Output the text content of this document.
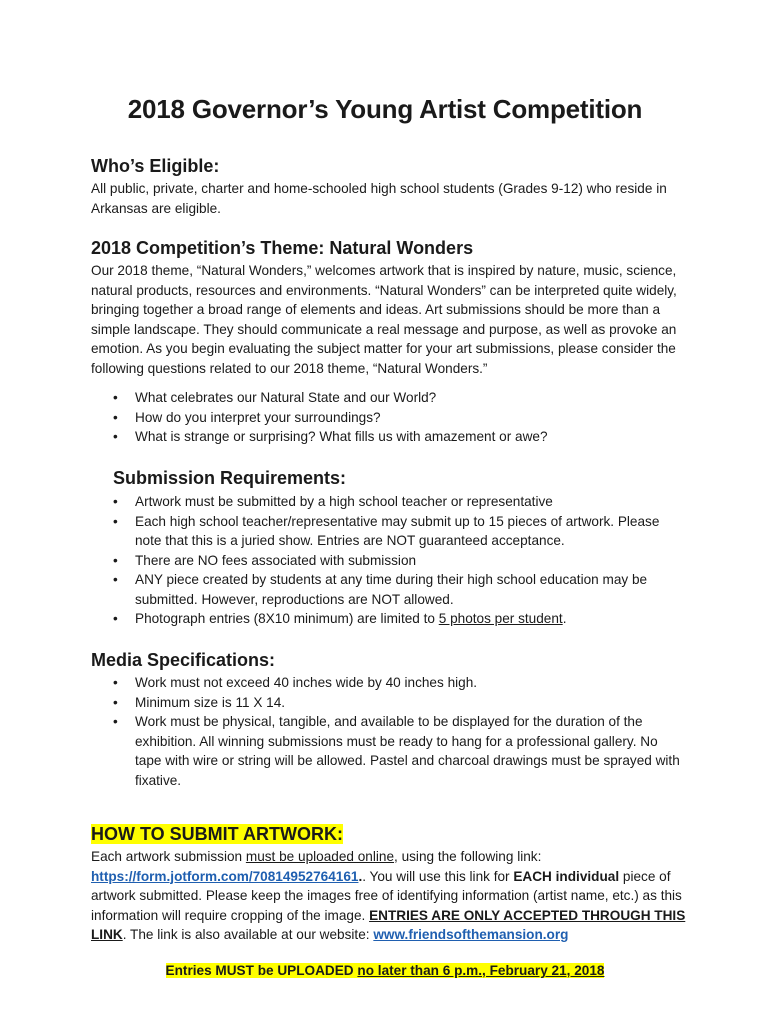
2018 Governor’s Young Artist Competition
Who’s Eligible:

All public, private, charter and home-schooled high school students (Grades 9-12) who reside in Arkansas are eligible.

2018 Competition’s Theme: Natural Wonders

Our 2018 theme, “Natural Wonders,” welcomes artwork that is inspired by nature, music, science, natural products, resources and environments. “Natural Wonders” can be interpreted quite widely, bringing together a broad range of elements and ideas. Art submissions should be more than a simple landscape. They should communicate a real message and purpose, as well as provoke an emotion. As you begin evaluating the subject matter for your art submissions, please consider the following questions related to our 2018 theme, “Natural Wonders.”

• What celebrates our Natural State and our World?
• How do you interpret your surroundings?
• What is strange or surprising? What fills us with amazement or awe?
Submission Requirements:
• Artwork must be submitted by a high school teacher or representative
• Each high school teacher/representative may submit up to 15 pieces of artwork. Please note that this is a juried show. Entries are NOT guaranteed acceptance.
• There are NO fees associated with submission
• ANY piece created by students at any time during their high school education may be submitted. However, reproductions are NOT allowed.
• Photograph entries (8X10 minimum) are limited to 5 photos per student.
Media Specifications:
• Work must not exceed 40 inches wide by 40 inches high.
• Minimum size is 11 X 14.
• Work must be physical, tangible, and available to be displayed for the duration of the exhibition. All winning submissions must be ready to hang for a professional gallery. No tape with wire or string will be allowed. Pastel and charcoal drawings must be sprayed with fixative.
HOW TO SUBMIT ARTWORK:

Each artwork submission must be uploaded online, using the following link:
https://form.jotform.com/70814952764161.. You will use this link for EACH individual piece of artwork submitted. Please keep the images free of identifying information (artist name, etc.) as this information will require cropping of the image. ENTRIES ARE ONLY ACCEPTED THROUGH THIS LINK. The link is also available at our website: www.friendsofthemansion.org

Entries MUST be UPLOADED no later than 6 p.m., February 21, 2018
